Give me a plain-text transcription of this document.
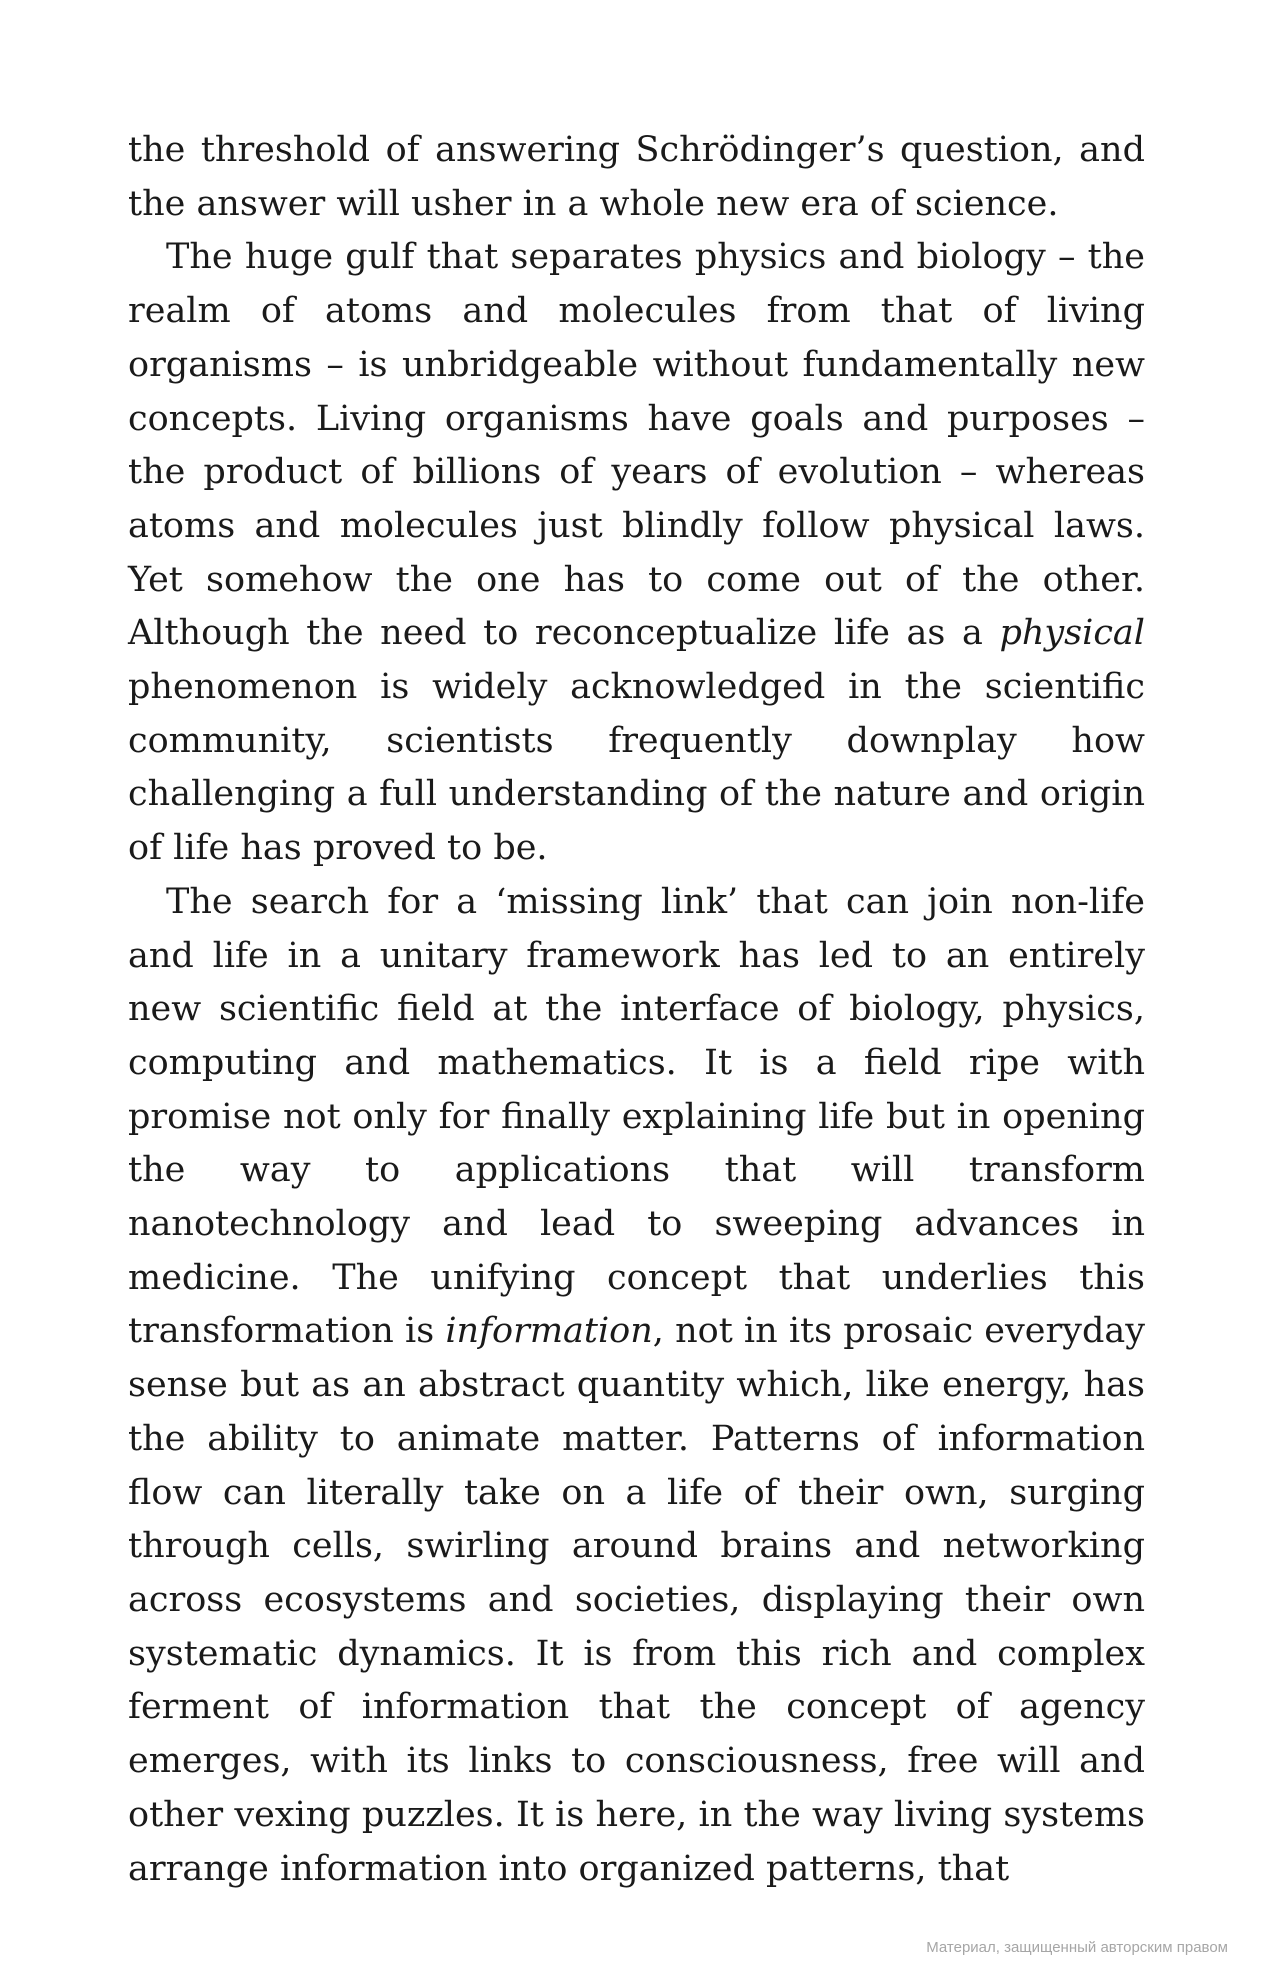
the threshold of answering Schrödinger’s question, and the answer will usher in a whole new era of science.

The huge gulf that separates physics and biology – the realm of atoms and molecules from that of living organisms – is unbridgeable without fundamentally new concepts. Living organisms have goals and purposes – the product of billions of years of evolution – whereas atoms and molecules just blindly follow physical laws. Yet somehow the one has to come out of the other. Although the need to reconceptualize life as a physical phenomenon is widely acknowledged in the scientific community, scientists frequently downplay how challenging a full understanding of the nature and origin of life has proved to be.

The search for a ‘missing link’ that can join non-life and life in a unitary framework has led to an entirely new scientific field at the interface of biology, physics, computing and mathematics. It is a field ripe with promise not only for finally explaining life but in opening the way to applications that will transform nanotechnology and lead to sweeping advances in medicine. The unifying concept that underlies this transformation is information, not in its prosaic everyday sense but as an abstract quantity which, like energy, has the ability to animate matter. Patterns of information flow can literally take on a life of their own, surging through cells, swirling around brains and networking across ecosystems and societies, displaying their own systematic dynamics. It is from this rich and complex ferment of information that the concept of agency emerges, with its links to consciousness, free will and other vexing puzzles. It is here, in the way living systems arrange information into organized patterns, that

Материал, защищенный авторским правом
